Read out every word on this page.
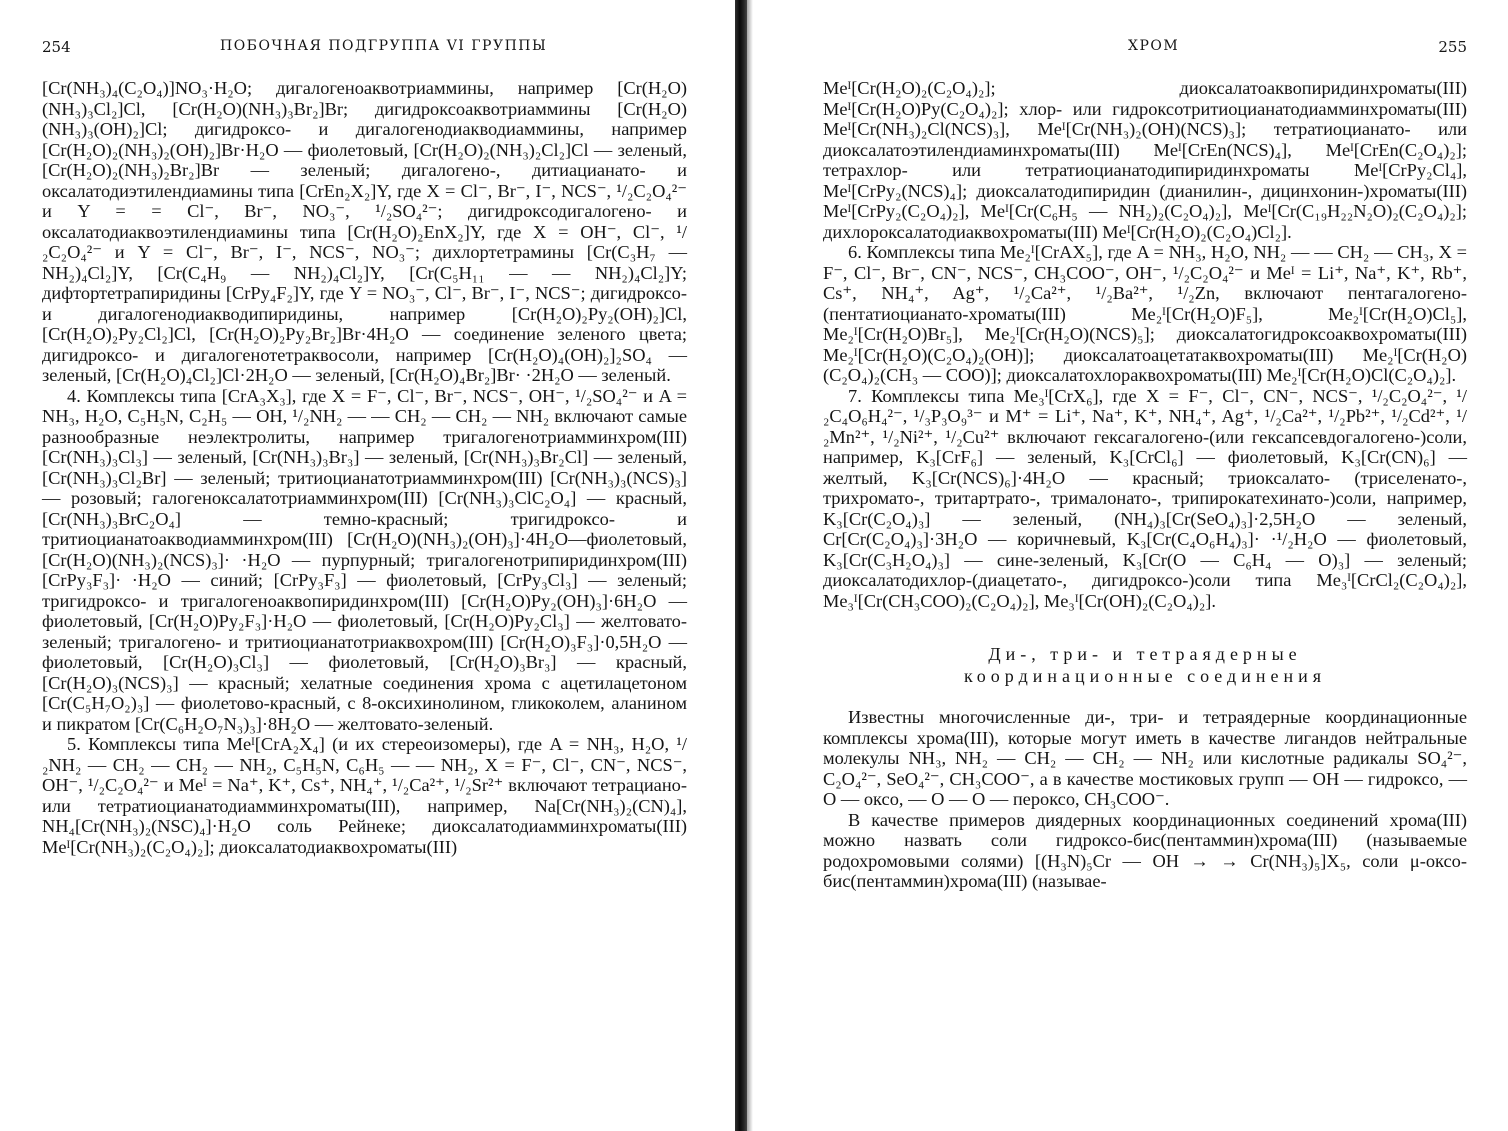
254	ПОБОЧНАЯ ПОДГРУППА VI ГРУППЫ

[Cr(NH₃)₄(C₂O₄)]NO₃·H₂O; дигалогеноаквотриаммины, например [Cr(H₂O)(NH₃)₃Cl₂]Cl, [Cr(H₂O)(NH₃)₃Br₂]Br; дигидроксоаквотриаммины [Cr(H₂O)(NH₃)₃(OH)₂]Cl; дигидроксо- и дигалогенодиакводиаммины, например [Cr(H₂O)₂(NH₃)₂(OH)₂]Br·H₂O — фиолетовый, [Cr(H₂O)₂(NH₃)₂Cl₂]Cl — зеленый, [Cr(H₂O)₂(NH₃)₂Br₂]Br — зеленый; дигалогено-, дитиацианато- и оксалатодиэтилендиамины типа [CrEn₂X₂]Y, где X = Cl⁻, Br⁻, I⁻, NCS⁻, ¹/₂C₂O₄²⁻ и Y = = Cl⁻, Br⁻, NO₃⁻, ¹/₂SO₄²⁻; дигидроксодигалогено- и оксалатодиаквоэтилендиамины типа [Cr(H₂O)₂EnX₂]Y, где X = OH⁻, Cl⁻, ¹/₂C₂O₄²⁻ и Y = Cl⁻, Br⁻, I⁻, NCS⁻, NO₃⁻; дихлортетрамины [Cr(C₃H₇ — NH₂)₄Cl₂]Y, [Cr(C₄H₉ — NH₂)₄Cl₂]Y, [Cr(C₅H₁₁ — — NH₂)₄Cl₂]Y; дифтортетрапиридины [CrPy₄F₂]Y, где Y = NO₃⁻, Cl⁻, Br⁻, I⁻, NCS⁻; дигидроксо- и дигалогенодиакводипиридины, например [Cr(H₂O)₂Py₂(OH)₂]Cl, [Cr(H₂O)₂Py₂Cl₂]Cl, [Cr(H₂O)₂Py₂Br₂]Br·4H₂O — соединение зеленого цвета; дигидроксо- и дигалогенотетраквосоли, например [Cr(H₂O)₄(OH)₂]₂SO₄ — зеленый, [Cr(H₂O)₄Cl₂]Cl·2H₂O — зеленый, [Cr(H₂O)₄Br₂]Br· ·2H₂O — зеленый.

4. Комплексы типа [CrA₃X₃], где X = F⁻, Cl⁻, Br⁻, NCS⁻, OH⁻, ¹/₂SO₄²⁻ и A = NH₃, H₂O, C₅H₅N, C₂H₅ — OH, ¹/₂NH₂ — — CH₂ — CH₂ — NH₂ включают самые разнообразные неэлектролиты, например тригалогенотриамминхром(III) [Cr(NH₃)₃Cl₃] — зеленый, [Cr(NH₃)₃Br₃] — зеленый, [Cr(NH₃)₃Br₂Cl] — зеленый, [Cr(NH₃)₃Cl₂Br] — зеленый; тритиоцианатотриамминхром(III) [Cr(NH₃)₃(NCS)₃] — розовый; галогеноксалатотриамминхром(III) [Cr(NH₃)₃ClC₂O₄] — красный, [Cr(NH₃)₃BrC₂O₄] — темно-красный; тригидроксо- и тритиоцианатоакводиамминхром(III) [Cr(H₂O)(NH₃)₂(OH)₃]·4H₂O—фиолетовый, [Cr(H₂O)(NH₃)₂(NCS)₃]· ·H₂O — пурпурный; тригалогенотрипиридинхром(III) [CrPy₃F₃]· ·H₂O — синий; [CrPy₃F₃] — фиолетовый, [CrPy₃Cl₃] — зеленый; тригидроксо- и тригалогеноаквопиридинхром(III) [Cr(H₂O)Py₂(OH)₃]·6H₂O — фиолетовый, [Cr(H₂O)Py₂F₃]·H₂O — фиолетовый, [Cr(H₂O)Py₂Cl₃] — желтовато-зеленый; тригалогено- и тритиоцианатотриаквохром(III) [Cr(H₂O)₃F₃]·0,5H₂O — фиолетовый, [Cr(H₂O)₃Cl₃] — фиолетовый, [Cr(H₂O)₃Br₃] — красный, [Cr(H₂O)₃(NCS)₃] — красный; хелатные соединения хрома с ацетилацетоном [Cr(C₅H₇O₂)₃] — фиолетово-красный, с 8-оксихинолином, гликоколем, аланином и пикратом [Cr(C₆H₂O₇N₃)₃]·8H₂O — желтовато-зеленый.

5. Комплексы типа Meᴵ[CrA₂X₄] (и их стереоизомеры), где A = NH₃, H₂O, ¹/₂NH₂ — CH₂ — CH₂ — NH₂, C₅H₅N, C₆H₅ — — NH₂, X = F⁻, Cl⁻, CN⁻, NCS⁻, OH⁻, ¹/₂C₂O₄²⁻ и Meᴵ = Na⁺, K⁺, Cs⁺, NH₄⁺, ¹/₂Ca²⁺, ¹/₂Sr²⁺ включают тетрациано- или тетратиоцианатодиамминхроматы(III), например, Na[Cr(NH₃)₂(CN)₄], NH₄[Cr(NH₃)₂(NSC)₄]·H₂O соль Рейнеке; диоксалатодиамминхроматы(III) Meᴵ[Cr(NH₃)₂(C₂O₄)₂]; диоксалатодиаквохроматы(III)

ХРОМ	255

Meᴵ[Cr(H₂O)₂(C₂O₄)₂]; диоксалатоаквопиридинхроматы(III) Meᴵ[Cr(H₂O)Py(C₂O₄)₂]; хлор- или гидроксотритиоцианатодиамминхроматы(III) Meᴵ[Cr(NH₃)₂Cl(NCS)₃], Meᴵ[Cr(NH₃)₂(OH)(NCS)₃]; тетратиоцианато- или диоксалатоэтилендиаминхроматы(III) Meᴵ[CrEn(NCS)₄], Meᴵ[CrEn(C₂O₄)₂]; тетрахлор- или тетратиоцианатодипиридинхроматы Meᴵ[CrPy₂Cl₄], Meᴵ[CrPy₂(NCS)₄]; диоксалатодипиридин (дианилин-, дицинхонин-)хроматы(III) Meᴵ[CrPy₂(C₂O₄)₂], Meᴵ[Cr(C₆H₅ — NH₂)₂(C₂O₄)₂], Meᴵ[Cr(C₁₉H₂₂N₂O)₂(C₂O₄)₂]; дихлороксалатодиаквохроматы(III) Meᴵ[Cr(H₂O)₂(C₂O₄)Cl₂].

6. Комплексы типа Me₂ᴵ[CrAX₅], где A = NH₃, H₂O, NH₂ — — CH₂ — CH₃, X = F⁻, Cl⁻, Br⁻, CN⁻, NCS⁻, CH₃COO⁻, OH⁻, ¹/₂C₂O₄²⁻ и Meᴵ = Li⁺, Na⁺, K⁺, Rb⁺, Cs⁺, NH₄⁺, Ag⁺, ¹/₂Ca²⁺, ¹/₂Ba²⁺, ¹/₂Zn, включают пентагалогено-(пентатиоцианато-хроматы(III) Me₂ᴵ[Cr(H₂O)F₅], Me₂ᴵ[Cr(H₂O)Cl₅], Me₂ᴵ[Cr(H₂O)Br₅], Me₂ᴵ[Cr(H₂O)(NCS)₅]; диоксалатогидроксоаквохроматы(III) Me₂ᴵ[Cr(H₂O)(C₂O₄)₂(OH)]; диоксалатоацетатаквохроматы(III) Me₂ᴵ[Cr(H₂O)(C₂O₄)₂(CH₃ — COO)]; диоксалатохлораквохроматы(III) Me₂ᴵ[Cr(H₂O)Cl(C₂O₄)₂].

7. Комплексы типа Me₃ᴵ[CrX₆], где X = F⁻, Cl⁻, CN⁻, NCS⁻, ¹/₂C₂O₄²⁻, ¹/₂C₄O₆H₄²⁻, ¹/₃P₃O₉³⁻ и M⁺ = Li⁺, Na⁺, K⁺, NH₄⁺, Ag⁺, ¹/₂Ca²⁺, ¹/₂Pb²⁺, ¹/₂Cd²⁺, ¹/₂Mn²⁺, ¹/₂Ni²⁺, ¹/₂Cu²⁺ включают гексагалогено-(или гексапсевдогалогено-)соли, например, K₃[CrF₆] — зеленый, K₃[CrCl₆] — фиолетовый, K₃[Cr(CN)₆] — желтый, K₃[Cr(NCS)₆]·4H₂O — красный; триоксалато- (триселенато-, трихромато-, тритартрато-, трималонато-, трипирокатехинато-)соли, например, K₃[Cr(C₂O₄)₃] — зеленый, (NH₄)₃[Cr(SeO₄)₃]·2,5H₂O — зеленый, Cr[Cr(C₂O₄)₃]·3H₂O — коричневый, K₃[Cr(C₄O₆H₄)₃]· ·¹/₂H₂O — фиолетовый, K₃[Cr(C₃H₂O₄)₃] — сине-зеленый, K₃[Cr(O — C₆H₄ — O)₃] — зеленый; диоксалатодихлор-(диацетато-, дигидроксо-)соли типа Me₃ᴵ[CrCl₂(C₂O₄)₂], Me₃ᴵ[Cr(CH₃COO)₂(C₂O₄)₂], Me₃ᴵ[Cr(OH)₂(C₂O₄)₂].

Ди-, три- и тетраядерные
координационные соединения

Известны многочисленные ди-, три- и тетраядерные координационные комплексы хрома(III), которые могут иметь в качестве лигандов нейтральные молекулы NH₃, NH₂ — CH₂ — CH₂ — NH₂ или кислотные радикалы SO₄²⁻, C₂O₄²⁻, SeO₄²⁻, CH₃COO⁻, а в качестве мостиковых групп — OH — гидроксо, — O — оксо, — O — O — пероксо, CH₃COO⁻.

В качестве примеров диядерных координационных соединений хрома(III) можно назвать соли гидроксо-бис(пентаммин)хрома(III) (называемые родохромовыми солями) [(H₃N)₅Cr — OH → → Cr(NH₃)₅]X₅, соли μ-оксо-бис(пентаммин)хрома(III) (называе-
